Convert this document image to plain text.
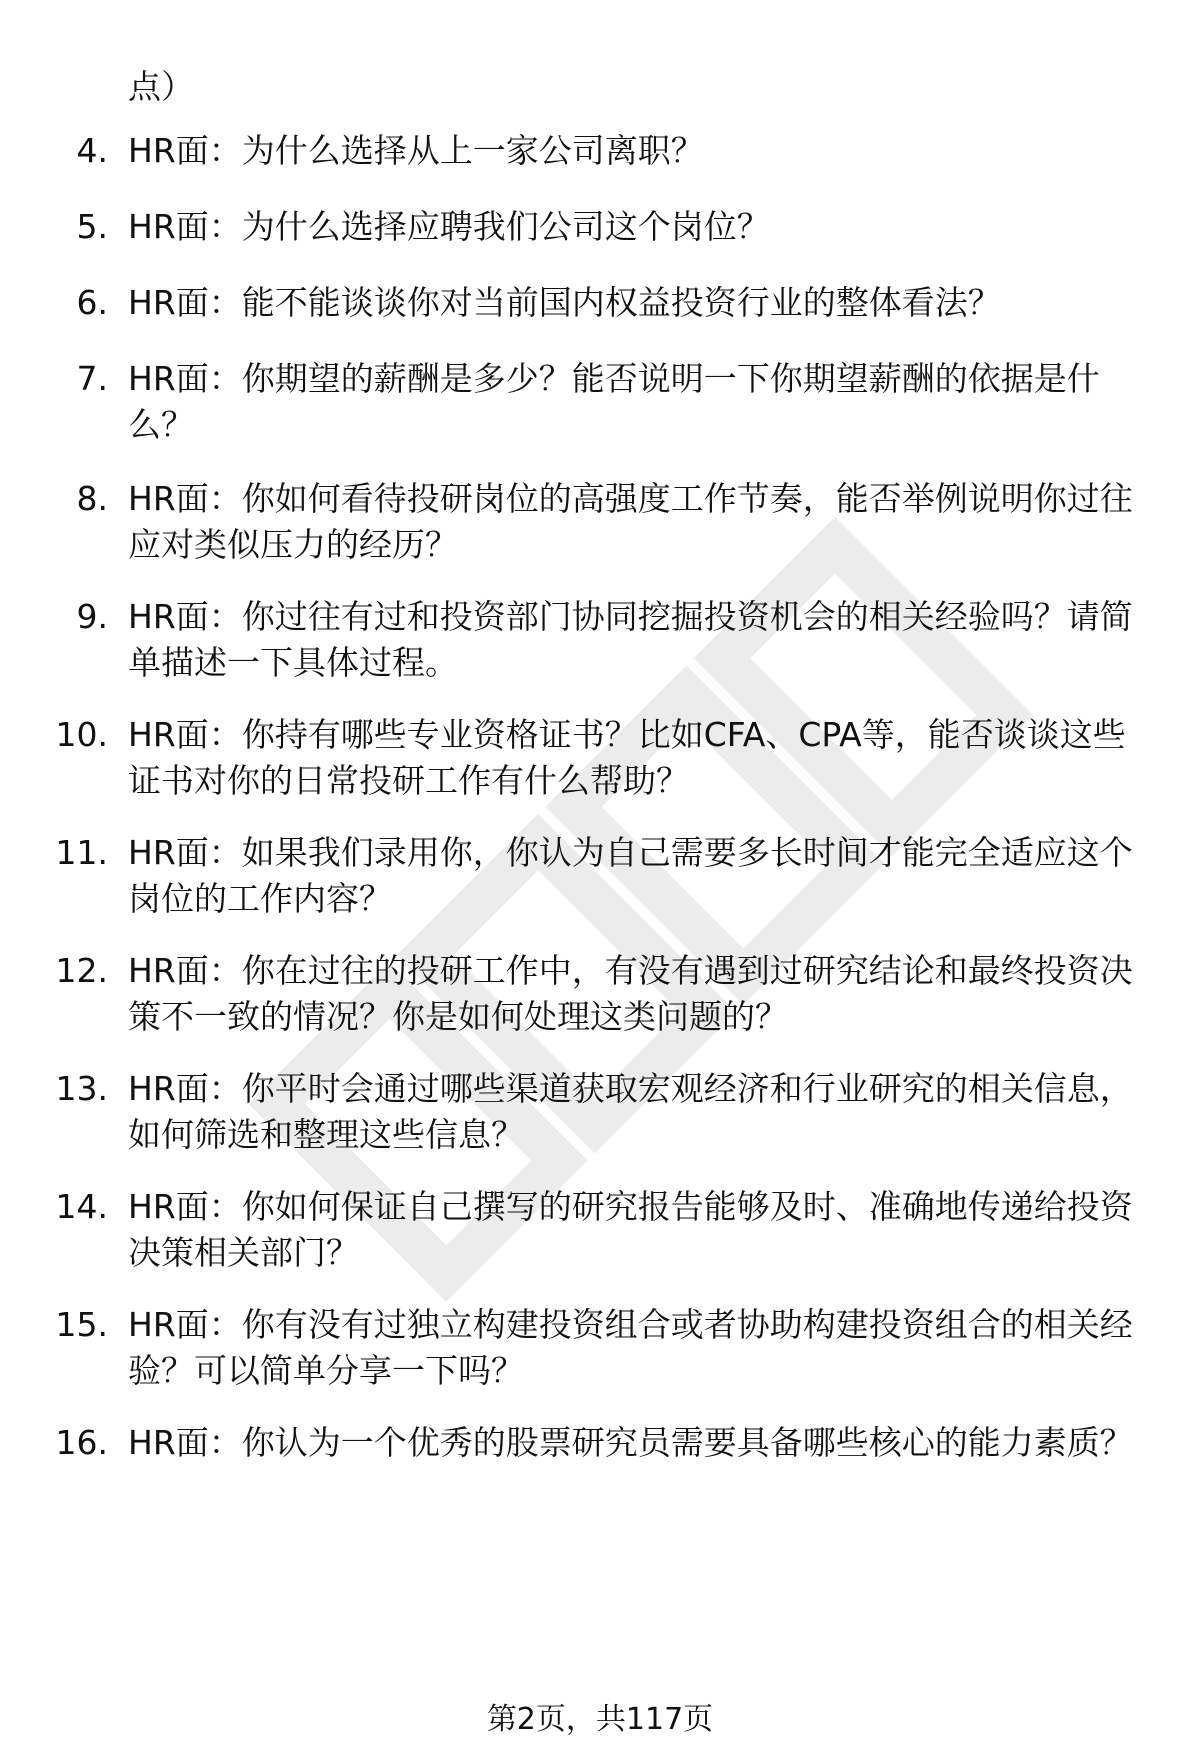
点）
4. HR面：为什么选择从上一家公司离职？
5. HR面：为什么选择应聘我们公司这个岗位？
6. HR面：能不能谈谈你对当前国内权益投资行业的整体看法？
7. HR面：你期望的薪酬是多少？能否说明一下你期望薪酬的依据是什么？
8. HR面：你如何看待投研岗位的高强度工作节奏，能否举例说明你过往应对类似压力的经历？
9. HR面：你过往有过和投资部门协同挖掘投资机会的相关经验吗？请简单描述一下具体过程。
10. HR面：你持有哪些专业资格证书？比如CFA、CPA等，能否谈谈这些证书对你的日常投研工作有什么帮助？
11. HR面：如果我们录用你，你认为自己需要多长时间才能完全适应这个岗位的工作内容？
12. HR面：你在过往的投研工作中，有没有遇到过研究结论和最终投资决策不一致的情况？你是如何处理这类问题的？
13. HR面：你平时会通过哪些渠道获取宏观经济和行业研究的相关信息，如何筛选和整理这些信息？
14. HR面：你如何保证自己撰写的研究报告能够及时、准确地传递给投资决策相关部门？
15. HR面：你有没有过独立构建投资组合或者协助构建投资组合的相关经验？可以简单分享一下吗？
16. HR面：你认为一个优秀的股票研究员需要具备哪些核心的能力素质？
第2页，共117页
